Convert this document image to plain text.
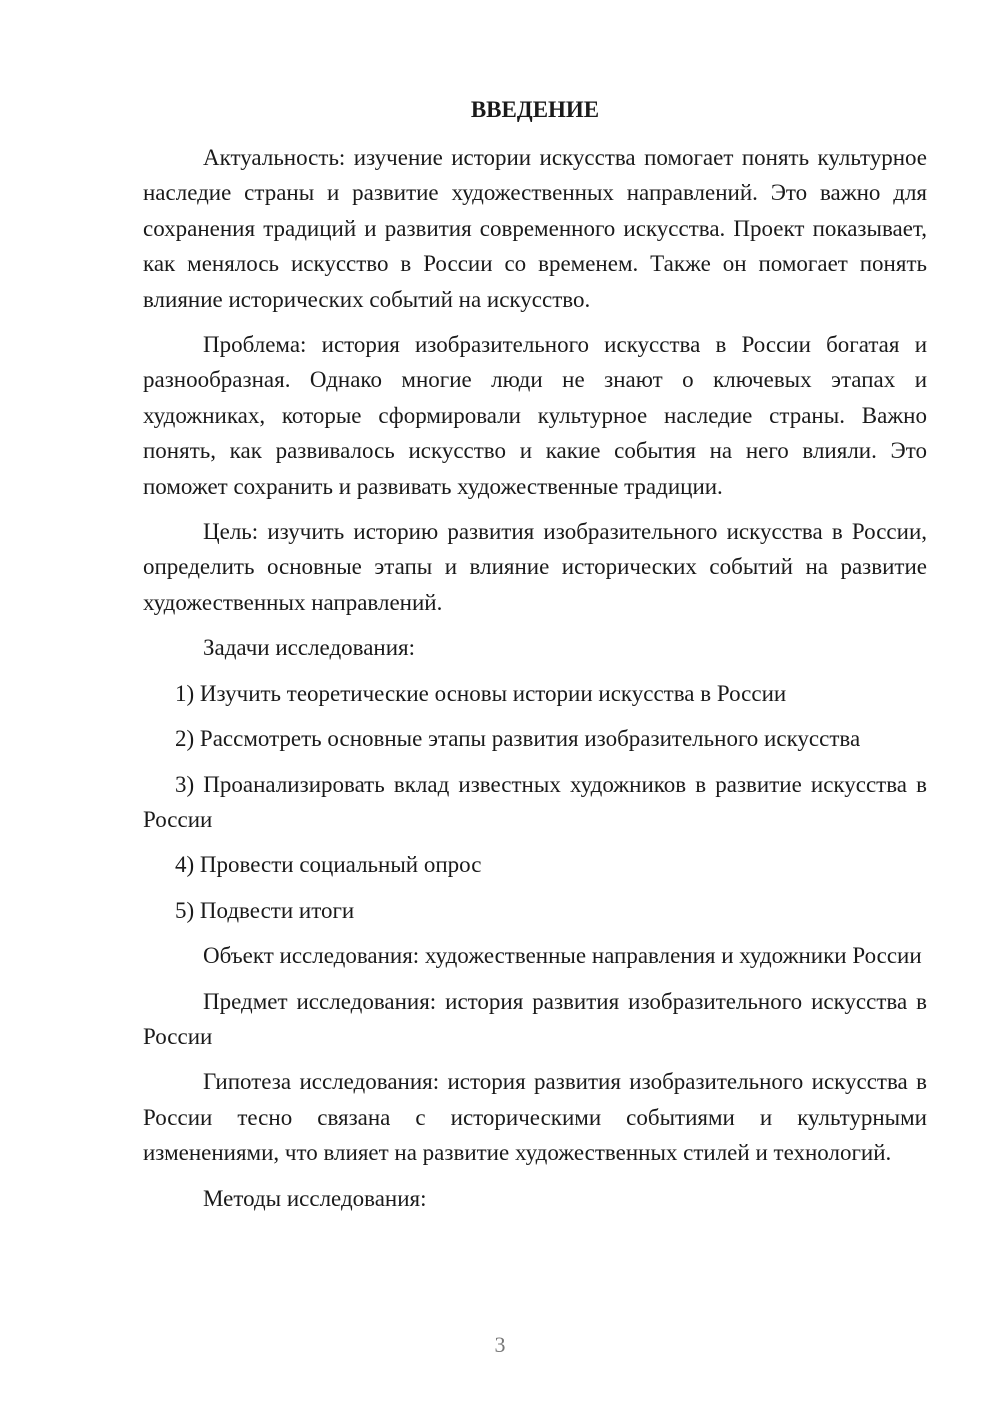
ВВЕДЕНИЕ

Актуальность: изучение истории искусства помогает понять культурное наследие страны и развитие художественных направлений. Это важно для сохранения традиций и развития современного искусства. Проект показывает, как менялось искусство в России со временем. Также он помогает понять влияние исторических событий на искусство.

Проблема: история изобразительного искусства в России богатая и разнообразная. Однако многие люди не знают о ключевых этапах и художниках, которые сформировали культурное наследие страны. Важно понять, как развивалось искусство и какие события на него влияли. Это поможет сохранить и развивать художественные традиции.

Цель: изучить историю развития изобразительного искусства в России, определить основные этапы и влияние исторических событий на развитие художественных направлений.

Задачи исследования:

1) Изучить теоретические основы истории искусства в России

2) Рассмотреть основные этапы развития изобразительного искусства

3) Проанализировать вклад известных художников в развитие искусства в России

4) Провести социальный опрос

5) Подвести итоги

Объект исследования: художественные направления и художники России

Предмет исследования: история развития изобразительного искусства в России

Гипотеза исследования: история развития изобразительного искусства в России тесно связана с историческими событиями и культурными изменениями, что влияет на развитие художественных стилей и технологий.

Методы исследования:

3
